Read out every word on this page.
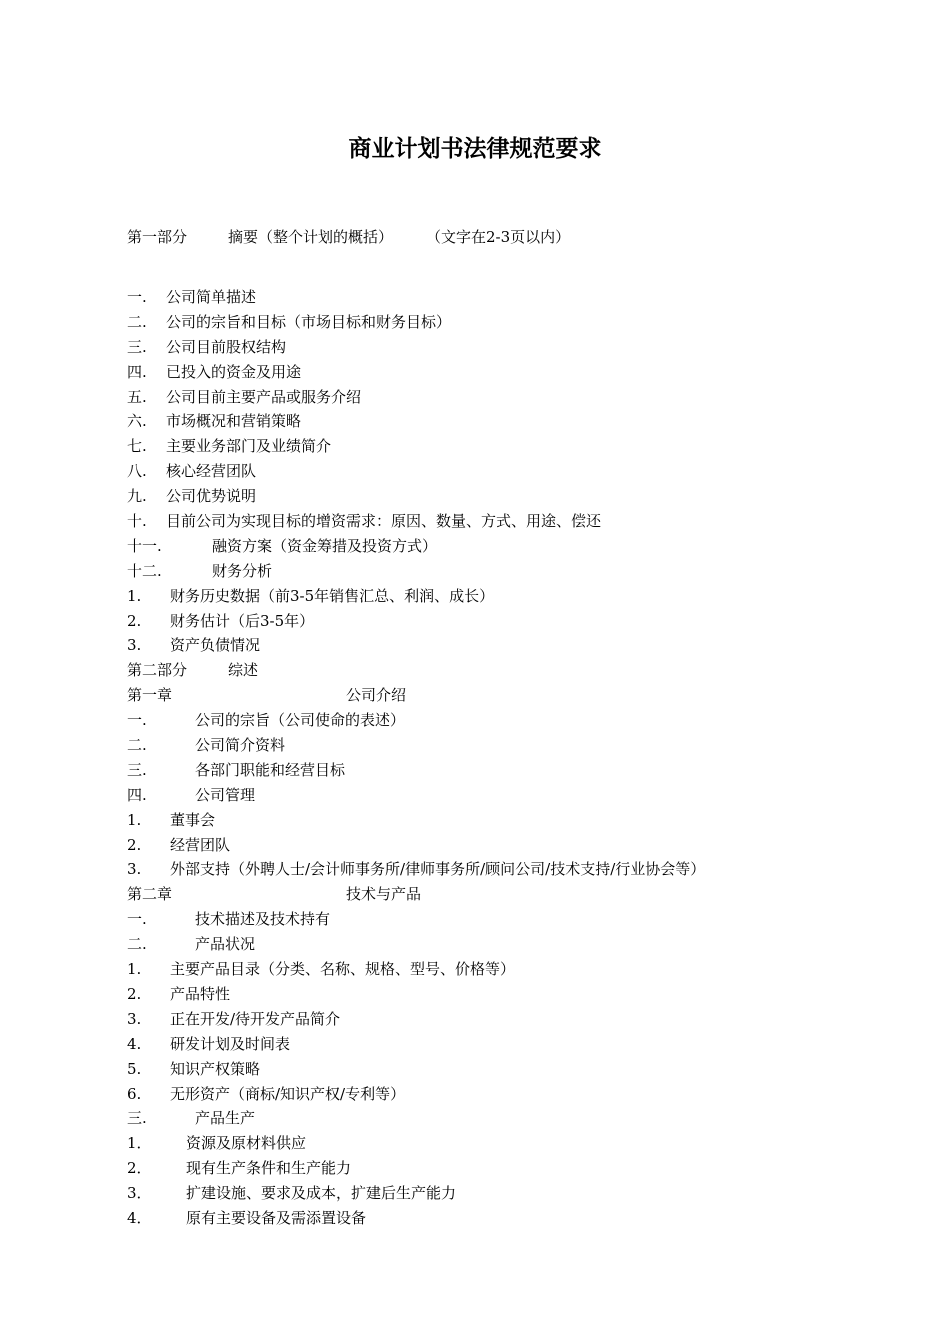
商业计划书法律规范要求
第一部分	摘要（整个计划的概括） （文字在2-3页以内）
一. 公司简单描述
二. 公司的宗旨和目标（市场目标和财务目标）
三. 公司目前股权结构
四. 已投入的资金及用途
五. 公司目前主要产品或服务介绍
六. 市场概况和营销策略
七. 主要业务部门及业绩简介
八. 核心经营团队
九. 公司优势说明
十. 目前公司为实现目标的增资需求：原因、数量、方式、用途、偿还
十一.	融资方案（资金筹措及投资方式）
十二.	财务分析
1. 财务历史数据（前3-5年销售汇总、利润、成长）
2. 财务估计（后3-5年）
3. 资产负债情况
第二部分	综述
第一章	公司介绍
一.	公司的宗旨（公司使命的表述）
二.	公司简介资料
三.	各部门职能和经营目标
四.	公司管理
1. 董事会
2. 经营团队
3. 外部支持（外聘人士/会计师事务所/律师事务所/顾问公司/技术支持/行业协会等）
第二章	技术与产品
一.	技术描述及技术持有
二.	产品状况
1. 主要产品目录（分类、名称、规格、型号、价格等）
2. 产品特性
3. 正在开发/待开发产品简介
4. 研发计划及时间表
5. 知识产权策略
6. 无形资产（商标/知识产权/专利等）
三.	产品生产
1． 资源及原材料供应
2． 现有生产条件和生产能力
3． 扩建设施、要求及成本，扩建后生产能力
4． 原有主要设备及需添置设备
